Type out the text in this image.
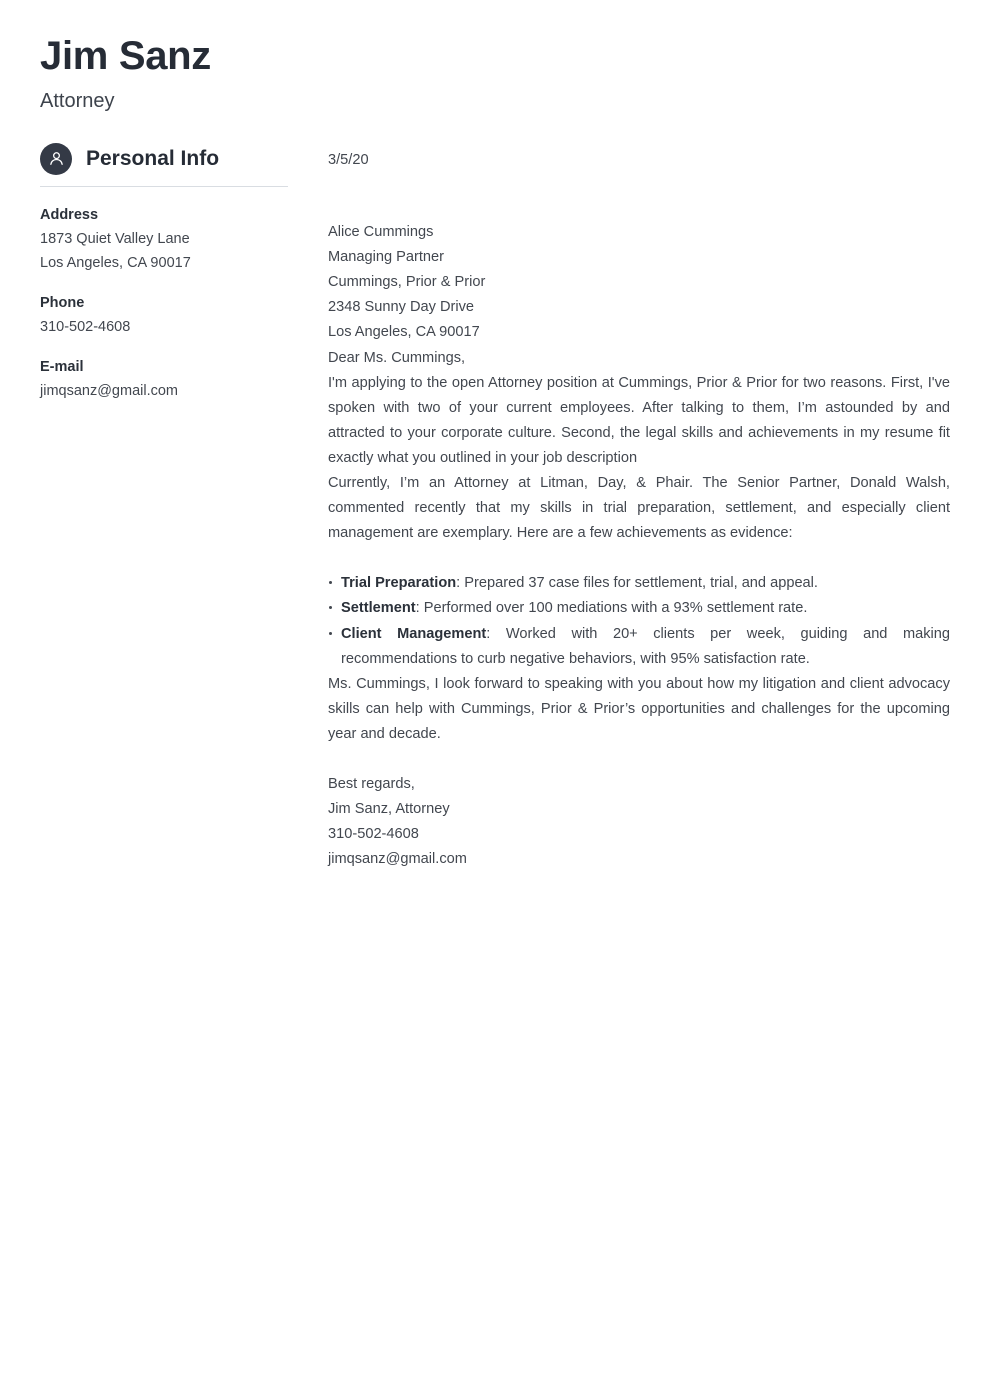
Jim Sanz

Attorney

Personal Info

Address

1873 Quiet Valley Lane

Los Angeles, CA 90017

Phone

310-502-4608

E-mail

jimqsanz@gmail.com

3/5/20

Alice Cummings
Managing Partner
Cummings, Prior & Prior
2348 Sunny Day Drive
Los Angeles, CA 90017

Dear Ms. Cummings,

I'm applying to the open Attorney position at Cummings, Prior & Prior for two reasons. First, I've spoken with two of your current employees. After talking to them, I’m astounded by and attracted to your corporate culture. Second, the legal skills and achievements in my resume fit exactly what you outlined in your job description

Currently, I’m an Attorney at Litman, Day, & Phair. The Senior Partner, Donald Walsh, commented recently that my skills in trial preparation, settlement, and especially client management are exemplary. Here are a few achievements as evidence:

Trial Preparation: Prepared 37 case files for settlement, trial, and appeal.
Settlement: Performed over 100 mediations with a 93% settlement rate.
Client Management: Worked with 20+ clients per week, guiding and making recommendations to curb negative behaviors, with 95% satisfaction rate.

Ms. Cummings, I look forward to speaking with you about how my litigation and client advocacy skills can help with Cummings, Prior & Prior’s opportunities and challenges for the upcoming year and decade.

Best regards,
Jim Sanz, Attorney
310-502-4608
jimqsanz@gmail.com
